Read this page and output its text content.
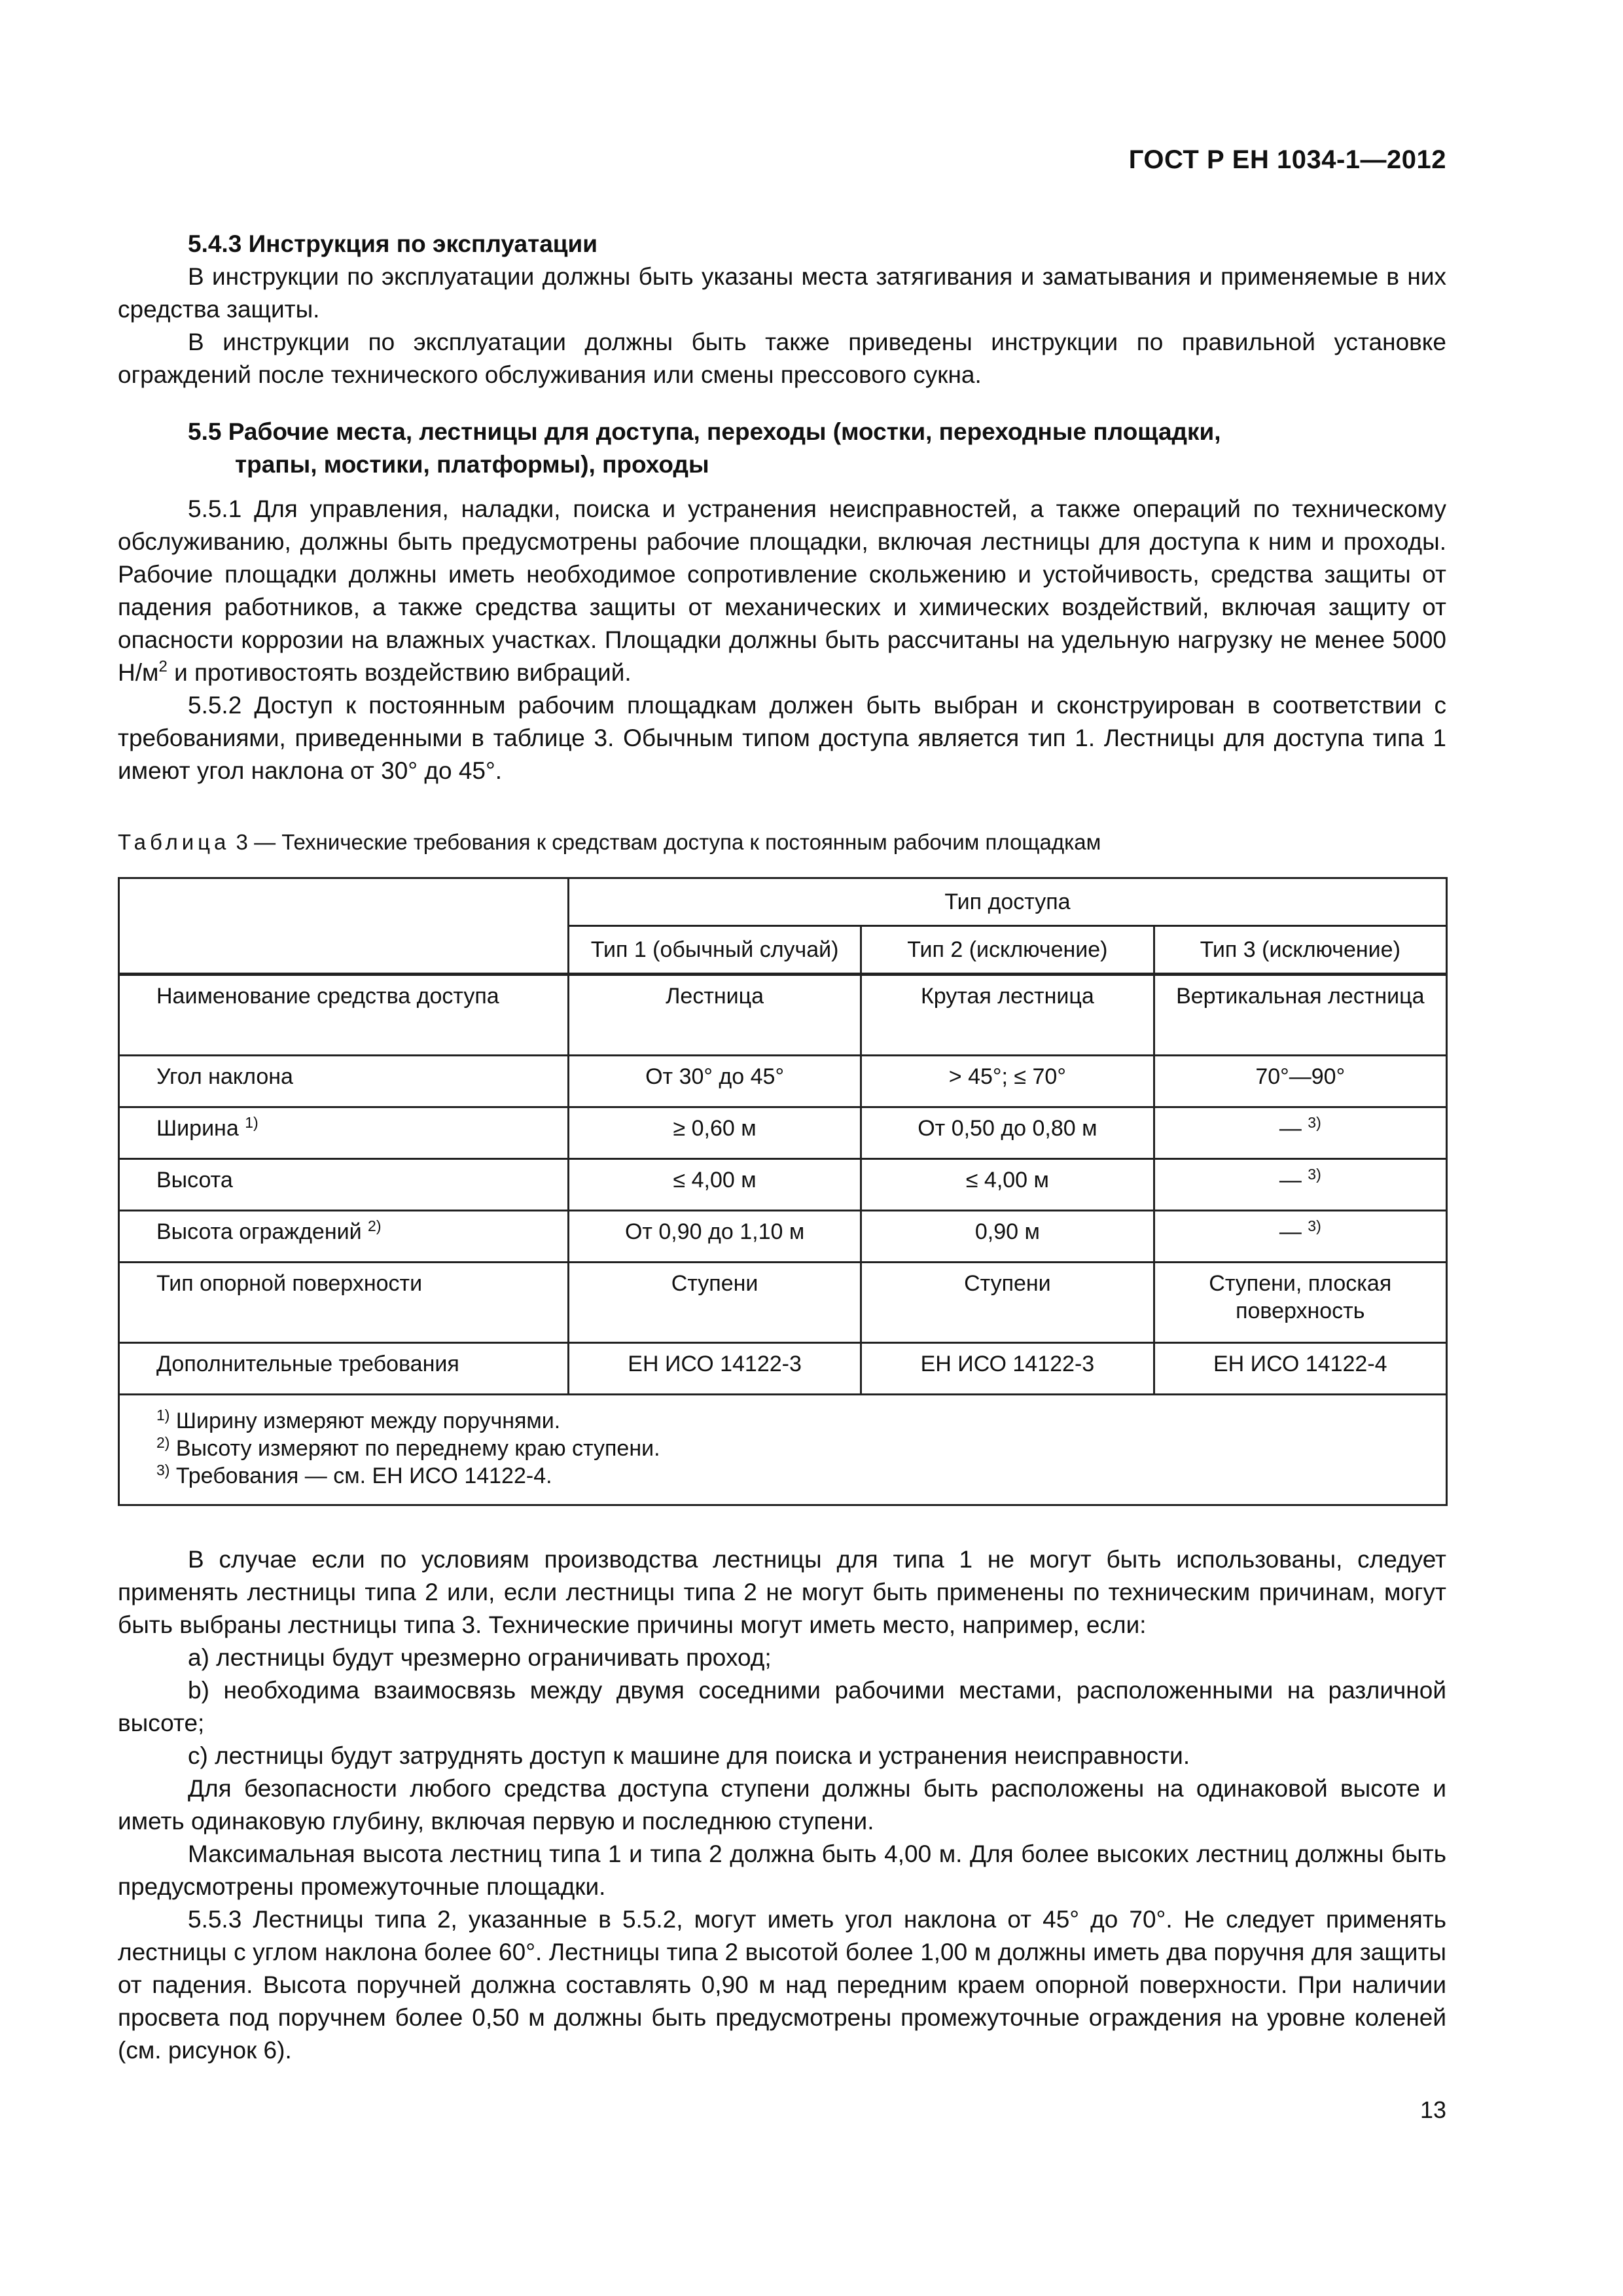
ГОСТ Р ЕН 1034-1—2012

5.4.3 Инструкция по эксплуатации

В инструкции по эксплуатации должны быть указаны места затягивания и заматывания и применяемые в них средства защиты.

В инструкции по эксплуатации должны быть также приведены инструкции по правильной установке ограждений после технического обслуживания или смены прессового сукна.

5.5 Рабочие места, лестницы для доступа, переходы (мостки, переходные площадки,
трапы, мостики, платформы), проходы

5.5.1 Для управления, наладки, поиска и устранения неисправностей, а также операций по техническому обслуживанию, должны быть предусмотрены рабочие площадки, включая лестницы для доступа к ним и проходы. Рабочие площадки должны иметь необходимое сопротивление скольжению и устойчивость, средства защиты от падения работников, а также средства защиты от механических и химических воздействий, включая защиту от опасности коррозии на влажных участках. Площадки должны быть рассчитаны на удельную нагрузку не менее 5000 $Н/м^2$ и противостоять воздействию вибраций.

5.5.2 Доступ к постоянным рабочим площадкам должен быть выбран и сконструирован в соответствии с требованиями, приведенными в таблице 3. Обычным типом доступа является тип 1. Лестницы для доступа типа 1 имеют угол наклона от 30° до 45°.

Таблица 3 — Технические требования к средствам доступа к постоянным рабочим площадкам
	Тип доступа		
	Тип 1 (обычный случай)	Тип 2 (исключение)	Тип 3 (исключение)
Наименование средства доступа	Лестница	Крутая лестница	Вертикальная лестница
Угол наклона	От 30° до 45°	> 45°; ≤ 70°	70°—90°
Ширина $^{1)}$	≥ 0,60 м	От 0,50 до 0,80 м	— $^{3)}$
Высота	≤ 4,00 м	≤ 4,00 м	— $^{3)}$
Высота ограждений $^{2)}$	От 0,90 до 1,10 м	0,90 м	— $^{3)}$
Тип опорной поверхности	Ступени	Ступени	Ступени, плоская поверхность
Дополнительные требования	ЕН ИСО 14122-3	ЕН ИСО 14122-3	ЕН ИСО 14122-4

$^{1)}$ Ширину измеряют между поручнями.
$^{2)}$ Высоту измеряют по переднему краю ступени.
$^{3)}$ Требования — см. ЕН ИСО 14122-4.			

В случае если по условиям производства лестницы для типа 1 не могут быть использованы, следует применять лестницы типа 2 или, если лестницы типа 2 не могут быть применены по техническим причинам, могут быть выбраны лестницы типа 3. Технические причины могут иметь место, например, если:

a) лестницы будут чрезмерно ограничивать проход;

b) необходима взаимосвязь между двумя соседними рабочими местами, расположенными на различной высоте;

c) лестницы будут затруднять доступ к машине для поиска и устранения неисправности.

Для безопасности любого средства доступа ступени должны быть расположены на одинаковой высоте и иметь одинаковую глубину, включая первую и последнюю ступени.

Максимальная высота лестниц типа 1 и типа 2 должна быть 4,00 м. Для более высоких лестниц должны быть предусмотрены промежуточные площадки.

5.5.3 Лестницы типа 2, указанные в 5.5.2, могут иметь угол наклона от 45° до 70°. Не следует применять лестницы с углом наклона более 60°. Лестницы типа 2 высотой более 1,00 м должны иметь два поручня для защиты от падения. Высота поручней должна составлять 0,90 м над передним краем опорной поверхности. При наличии просвета под поручнем более 0,50 м должны быть предусмотрены промежуточные ограждения на уровне коленей (см. рисунок 6).

13
